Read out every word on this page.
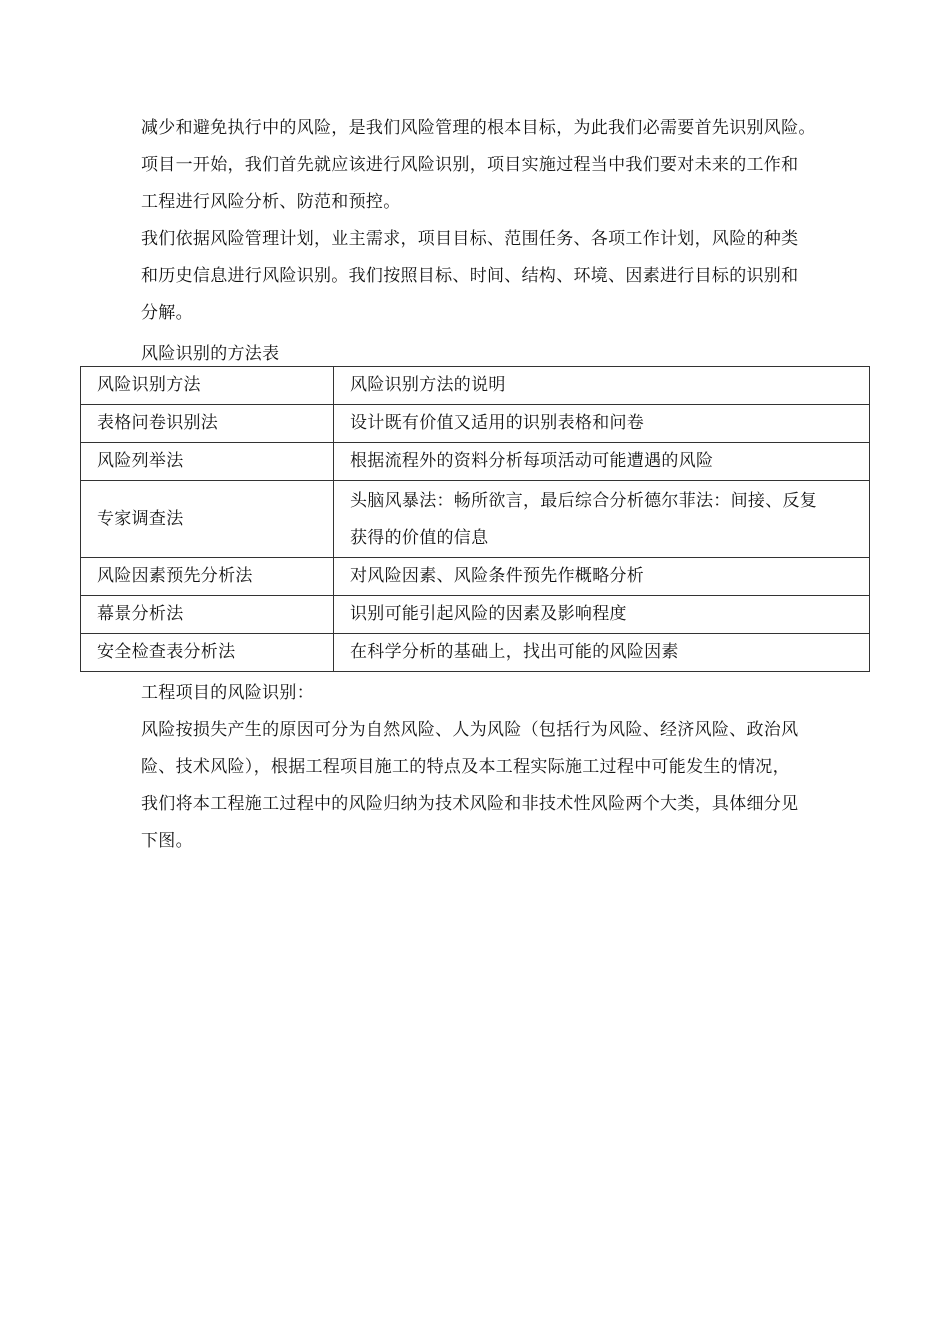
减少和避免执行中的风险，是我们风险管理的根本目标，为此我们必需要首先识别风险。
项目一开始，我们首先就应该进行风险识别，项目实施过程当中我们要对未来的工作和
工程进行风险分析、防范和预控。
我们依据风险管理计划，业主需求，项目目标、范围任务、各项工作计划，风险的种类
和历史信息进行风险识别。我们按照目标、时间、结构、环境、因素进行目标的识别和
分解。
风险识别的方法表
风险识别方法	风险识别方法的说明
表格问卷识别法	设计既有价值又适用的识别表格和问卷
风险列举法	根据流程外的资料分析每项活动可能遭遇的风险
专家调查法	头脑风暴法：畅所欲言，最后综合分析德尔菲法：间接、反复
获得的价值的信息

风险因素预先分析法	对风险因素、风险条件预先作概略分析
幕景分析法	识别可能引起风险的因素及影响程度
安全检查表分析法	在科学分析的基础上，找出可能的风险因素
工程项目的风险识别：
风险按损失产生的原因可分为自然风险、人为风险（包括行为风险、经济风险、政治风
险、技术风险），根据工程项目施工的特点及本工程实际施工过程中可能发生的情况，
我们将本工程施工过程中的风险归纳为技术风险和非技术性风险两个大类，具体细分见
下图。
